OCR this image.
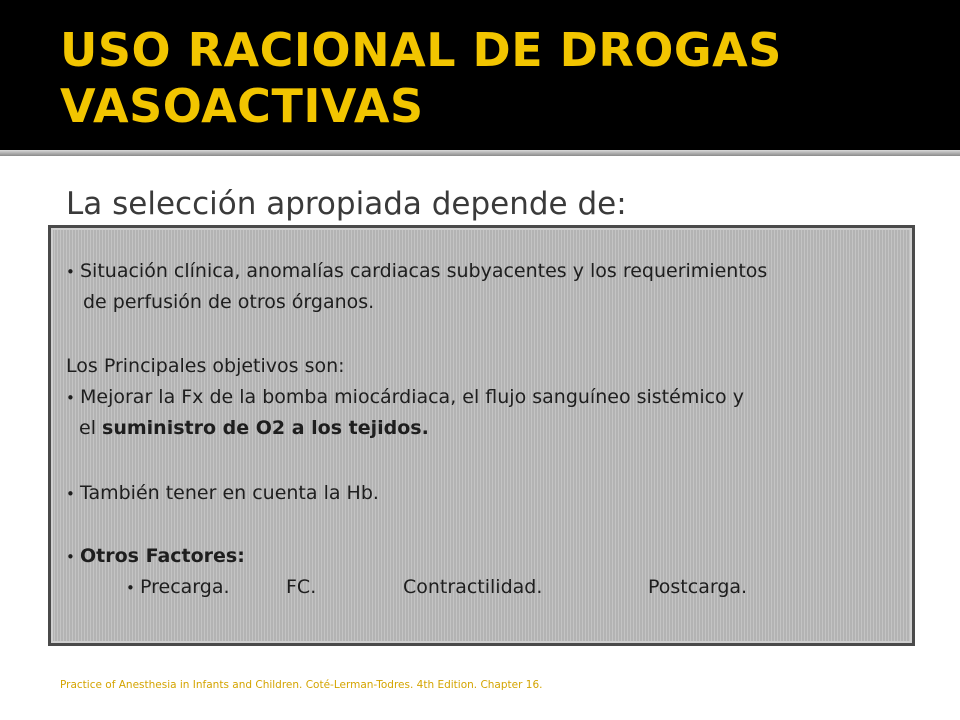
USO RACIONAL DE DROGAS VASOACTIVAS
La selección apropiada depende de:
• Situación clínica, anomalías cardiacas subyacentes y los requerimientos
de perfusión de otros órganos.
Los Principales objetivos son:
• Mejorar la Fx de la bomba miocárdiaca, el flujo sanguíneo sistémico y
el suministro de O2 a los tejidos.
• También tener en cuenta la Hb.
• Otros Factores:
• Precarga.	FC.	Contractilidad.	Postcarga.
Practice of Anesthesia in Infants and Children. Coté-Lerman-Todres. 4th Edition. Chapter 16.
